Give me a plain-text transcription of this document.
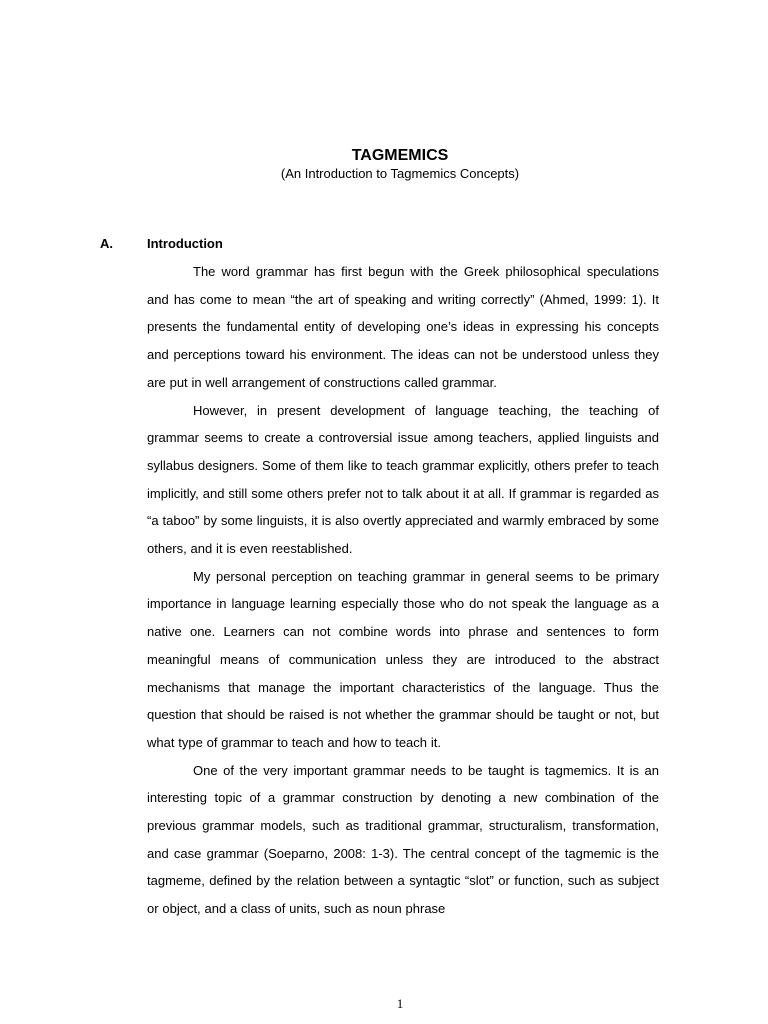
TAGMEMICS

(An Introduction to Tagmemics Concepts)

A.	Introduction

The word grammar has first begun with the Greek philosophical speculations and has come to mean “the art of speaking and writing correctly” (Ahmed, 1999: 1). It presents the fundamental entity of developing one’s ideas in expressing his concepts and perceptions toward his environment. The ideas can not be understood unless they are put in well arrangement of constructions called grammar.

However, in present development of language teaching, the teaching of grammar seems to create a controversial issue among teachers, applied linguists and syllabus designers. Some of them like to teach grammar explicitly, others prefer to teach implicitly, and still some others prefer not to talk about it at all. If grammar is regarded as “a taboo” by some linguists, it is also overtly appreciated and warmly embraced by some others, and it is even reestablished.

My personal perception on teaching grammar in general seems to be primary importance in language learning especially those who do not speak the language as a native one. Learners can not combine words into phrase and sentences to form meaningful means of communication unless they are introduced to the abstract mechanisms that manage the important characteristics of the language. Thus the question that should be raised is not whether the grammar should be taught or not, but what type of grammar to teach and how to teach it.

One of the very important grammar needs to be taught is tagmemics. It is an interesting topic of a grammar construction by denoting a new combination of the previous grammar models, such as traditional grammar, structuralism, transformation, and case grammar (Soeparno, 2008: 1-3). The central concept of the tagmemic is the tagmeme, defined by the relation between a syntagtic “slot” or function, such as subject or object, and a class of units, such as noun phrase

1
